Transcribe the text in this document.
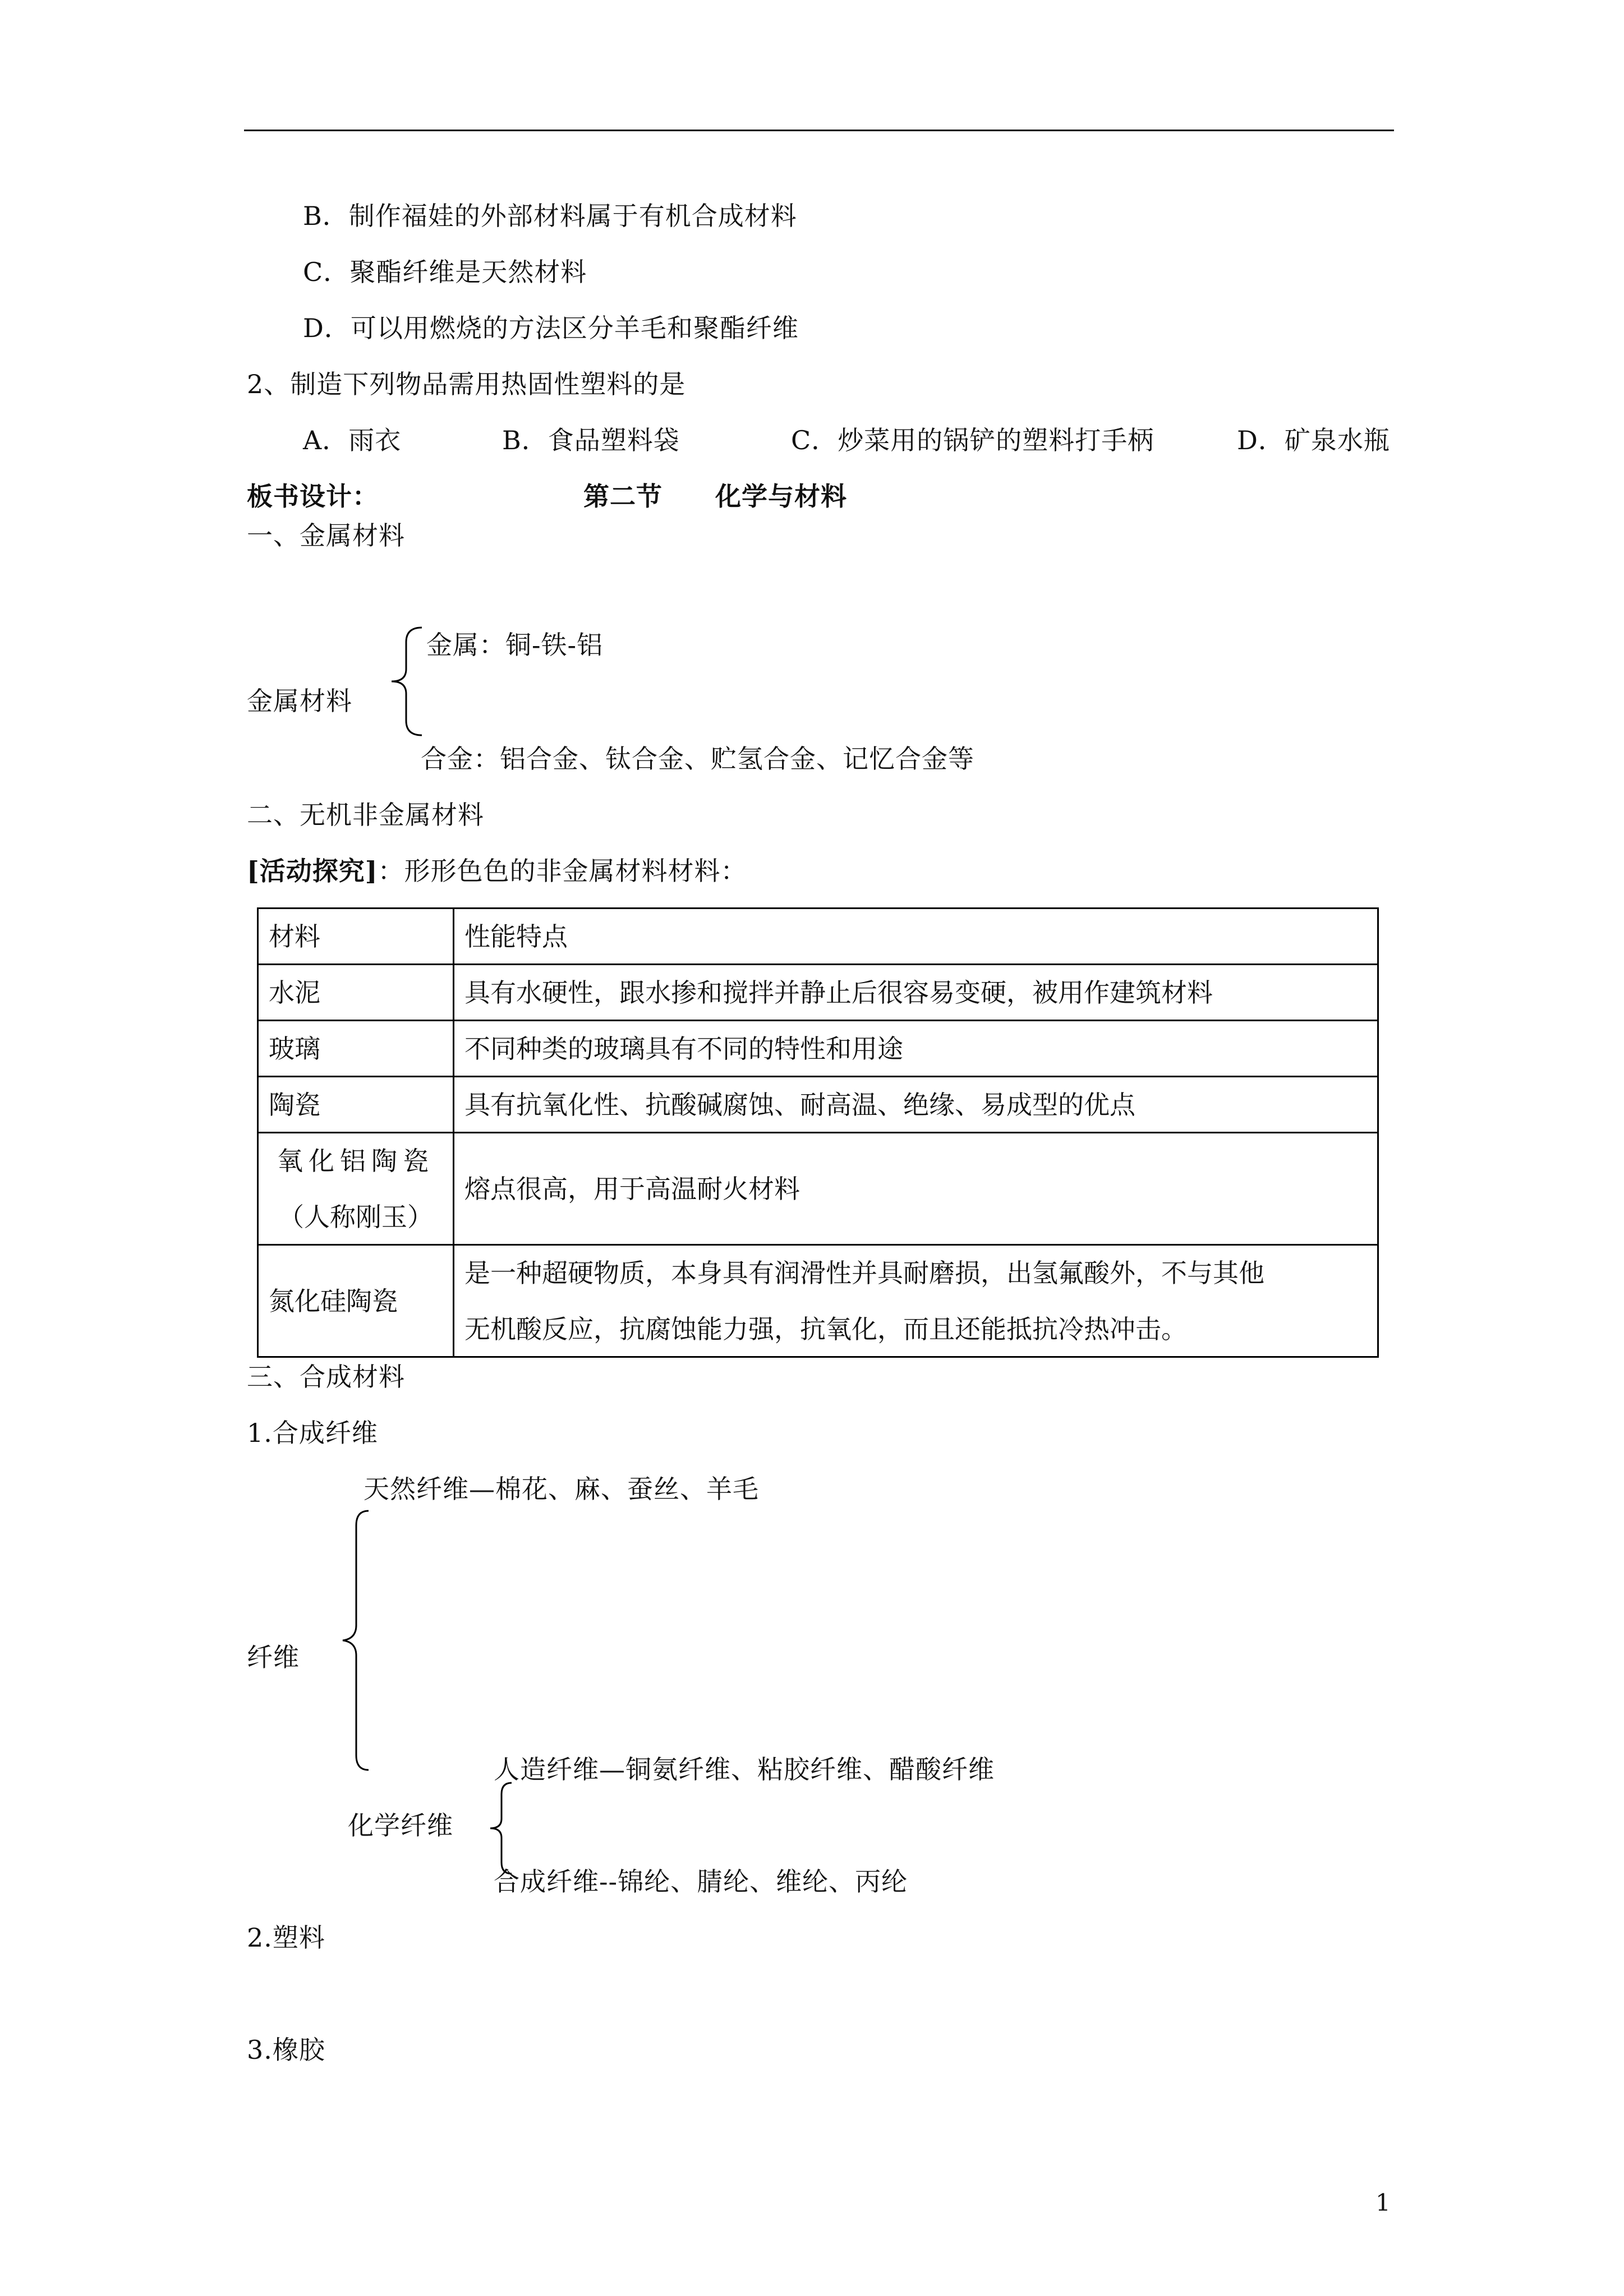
B．制作福娃的外部材料属于有机合成材料
C．聚酯纤维是天然材料
D．可以用燃烧的方法区分羊毛和聚酯纤维
2、制造下列物品需用热固性塑料的是
A．雨衣	B．食品塑料袋	C．炒菜用的锅铲的塑料打手柄	D．矿泉水瓶
板书设计：	第二节　　化学与材料
一、金属材料
金属：铜-铁-铝
金属材料
合金：铝合金、钛合金、贮氢合金、记忆合金等
二、无机非金属材料
[活动探究]：形形色色的非金属材料材料：
材料	性能特点
水泥	具有水硬性，跟水掺和搅拌并静止后很容易变硬，被用作建筑材料
玻璃	不同种类的玻璃具有不同的特性和用途
陶瓷	具有抗氧化性、抗酸碱腐蚀、耐高温、绝缘、易成型的优点

氧化铝陶瓷
（人称刚玉）	熔点很高，用于高温耐火材料
氮化硅陶瓷	是一种超硬物质，本身具有润滑性并具耐磨损，出氢氟酸外，不与其他
无机酸反应，抗腐蚀能力强，抗氧化，而且还能抵抗冷热冲击。
三、合成材料
1.合成纤维
天然纤维—棉花、麻、蚕丝、羊毛
纤维
人造纤维—铜氨纤维、粘胶纤维、醋酸纤维
化学纤维
合成纤维--锦纶、腈纶、维纶、丙纶
2.塑料
3.橡胶
1
